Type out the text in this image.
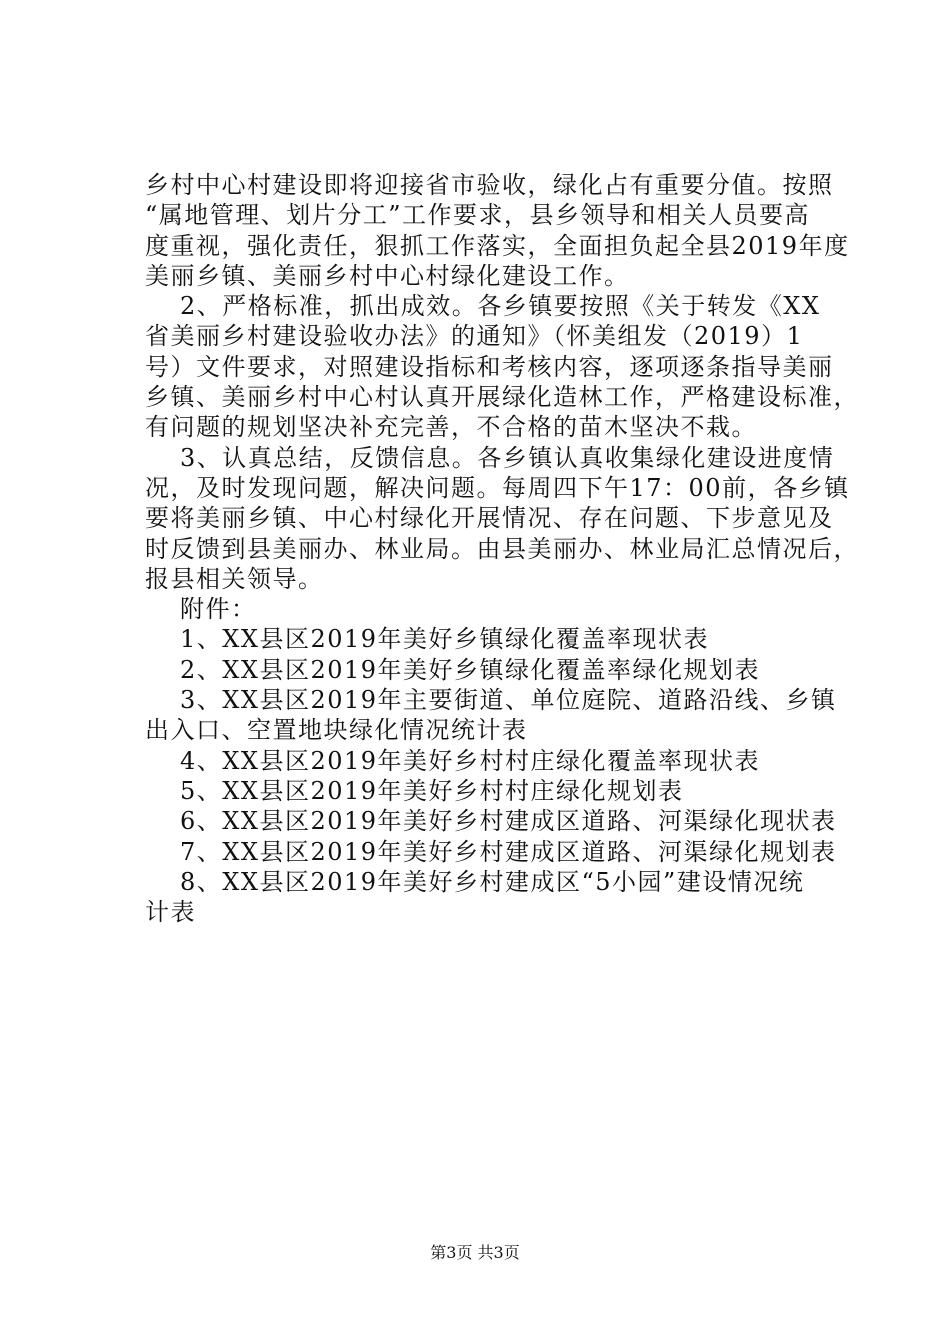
乡村中心村建设即将迎接省市验收，绿化占有重要分值。按照
“属地管理、划片分工”工作要求，县乡领导和相关人员要高
度重视，强化责任，狠抓工作落实，全面担负起全县2019年度
美丽乡镇、美丽乡村中心村绿化建设工作。
2、严格标准，抓出成效。各乡镇要按照《关于转发《XX
省美丽乡村建设验收办法》的通知》（怀美组发（2019）1
号）文件要求，对照建设指标和考核内容，逐项逐条指导美丽
乡镇、美丽乡村中心村认真开展绿化造林工作，严格建设标准，
有问题的规划坚决补充完善，不合格的苗木坚决不栽。
3、认真总结，反馈信息。各乡镇认真收集绿化建设进度情
况，及时发现问题，解决问题。每周四下午17：00前，各乡镇
要将美丽乡镇、中心村绿化开展情况、存在问题、下步意见及
时反馈到县美丽办、林业局。由县美丽办、林业局汇总情况后，
报县相关领导。
附件：
1、XX县区2019年美好乡镇绿化覆盖率现状表
2、XX县区2019年美好乡镇绿化覆盖率绿化规划表
3、XX县区2019年主要街道、单位庭院、道路沿线、乡镇
出入口、空置地块绿化情况统计表
4、XX县区2019年美好乡村村庄绿化覆盖率现状表
5、XX县区2019年美好乡村村庄绿化规划表
6、XX县区2019年美好乡村建成区道路、河渠绿化现状表
7、XX县区2019年美好乡村建成区道路、河渠绿化规划表
8、XX县区2019年美好乡村建成区“5小园”建设情况统
计表
第3页 共3页
